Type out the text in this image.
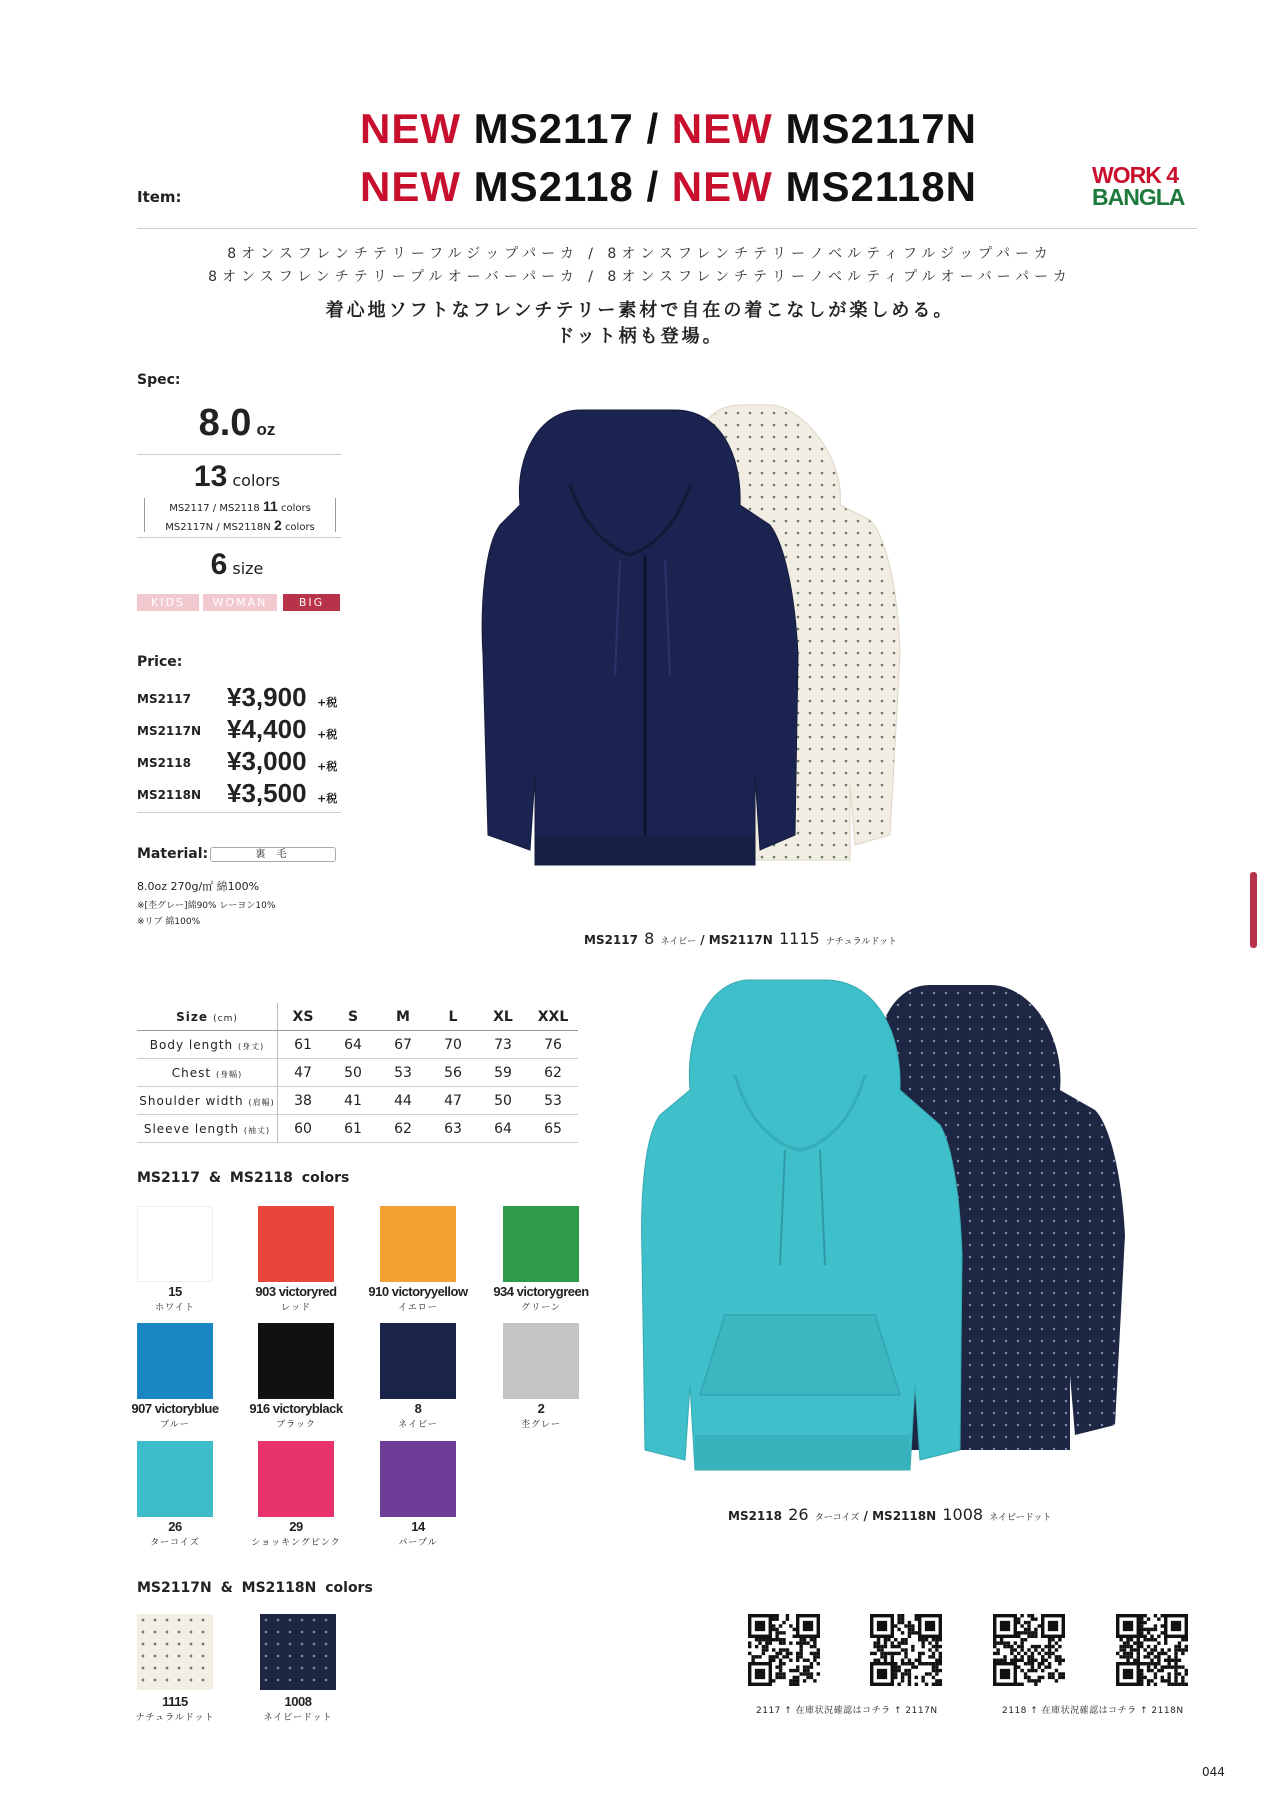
NEW MS2117 / NEW MS2117N
NEW MS2118 / NEW MS2118N
Item:
WORK 4
BANGLA
8オンスフレンチテリーフルジップパーカ / 8オンスフレンチテリーノベルティフルジップパーカ
8オンスフレンチテリープルオーバーパーカ / 8オンスフレンチテリーノベルティプルオーバーパーカ
着心地ソフトなフレンチテリー素材で自在の着こなしが楽しめる。
ドット柄も登場。
Spec:
8.0 oz
13 colors
MS2117 / MS2118 11 colors
MS2117N / MS2118N 2 colors
6 size
KIDS	WOMAN	BIG
Price:
MS2117 ¥3,900 +税
MS2117N ¥4,400 +税
MS2118 ¥3,000 +税
MS2118N ¥3,500 +税
Material:	裏 毛
8.0oz 270g/㎡ 綿100%
※[杢グレー]綿90% レーヨン10%
※リブ 綿100%
MS2117 8 ネイビー / MS2117N 1115 ナチュラルドット
Size (cm)	XS	S	M	L	XL	XXL
Body length (身丈)	61	64	67	70	73	76
Chest (身幅)	47	50	53	56	59	62
Shoulder width (肩幅)	38	41	44	47	50	53
Sleeve length (袖丈)	60	61	62	63	64	65
MS2117 & MS2118 colors
15
ホワイト
903 victoryred
レッド
910 victoryyellow
イエロー
934 victorygreen
グリーン
907 victoryblue
ブルー
916 victoryblack
ブラック
8
ネイビー
2
杢グレー
26
ターコイズ
29
ショッキングピンク
14
パープル
MS2117N & MS2118N colors
1115
ナチュラルドット
1008
ネイビードット
MS2118 26 ターコイズ / MS2118N 1008 ネイビードット
2117 ↑ 在庫状況確認はコチラ ↑ 2117N	2118 ↑ 在庫状況確認はコチラ ↑ 2118N
044
